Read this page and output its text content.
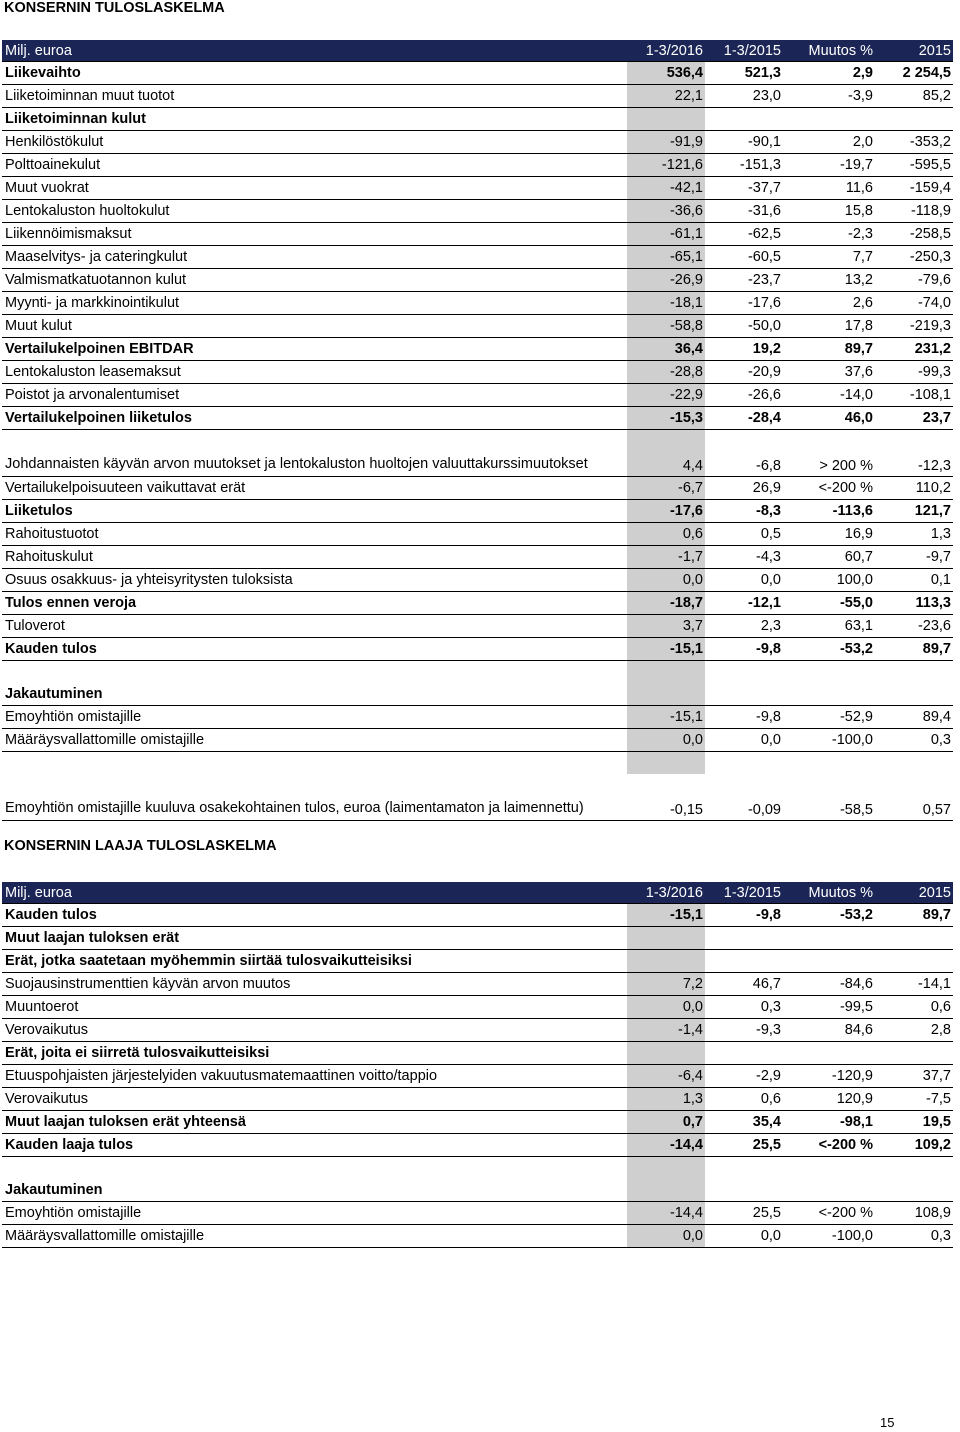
KONSERNIN TULOSLASKELMA
Milj. euroa	1-3/2016	1-3/2015	Muutos %	2015
Liikevaihto	536,4	521,3	2,9	2 254,5
Liiketoiminnan muut tuotot	22,1	23,0	-3,9	85,2
Liiketoiminnan kulut				
Henkilöstökulut	-91,9	-90,1	2,0	-353,2
Polttoainekulut	-121,6	-151,3	-19,7	-595,5
Muut vuokrat	-42,1	-37,7	11,6	-159,4
Lentokaluston huoltokulut	-36,6	-31,6	15,8	-118,9
Liikennöimismaksut	-61,1	-62,5	-2,3	-258,5
Maaselvitys- ja cateringkulut	-65,1	-60,5	7,7	-250,3
Valmismatkatuotannon kulut	-26,9	-23,7	13,2	-79,6
Myynti- ja markkinointikulut	-18,1	-17,6	2,6	-74,0
Muut kulut	-58,8	-50,0	17,8	-219,3
Vertailukelpoinen EBITDAR	36,4	19,2	89,7	231,2
Lentokaluston leasemaksut	-28,8	-20,9	37,6	-99,3
Poistot ja arvonalentumiset	-22,9	-26,6	-14,0	-108,1
Vertailukelpoinen liiketulos	-15,3	-28,4	46,0	23,7
Johdannaisten käyvän arvon muutokset ja lentokaluston huoltojen valuuttakurssimuutokset	4,4	-6,8	> 200 %	-12,3
Vertailukelpoisuuteen vaikuttavat erät	-6,7	26,9	<-200 %	110,2
Liiketulos	-17,6	-8,3	-113,6	121,7
Rahoitustuotot	0,6	0,5	16,9	1,3
Rahoituskulut	-1,7	-4,3	60,7	-9,7
Osuus osakkuus- ja yhteisyritysten tuloksista	0,0	0,0	100,0	0,1
Tulos ennen veroja	-18,7	-12,1	-55,0	113,3
Tuloverot	3,7	2,3	63,1	-23,6
Kauden tulos	-15,1	-9,8	-53,2	89,7

Jakautuminen				
Emoyhtiön omistajille	-15,1	-9,8	-52,9	89,4
Määräysvallattomille omistajille	0,0	0,0	-100,0	0,3

Emoyhtiön omistajille kuuluva osakekohtainen tulos, euroa (laimentamaton ja laimennettu)	-0,15	-0,09	-58,5	0,57
KONSERNIN LAAJA TULOSLASKELMA
Milj. euroa	1-3/2016	1-3/2015	Muutos %	2015
Kauden tulos	-15,1	-9,8	-53,2	89,7
Muut laajan tuloksen erät				
Erät, jotka saatetaan myöhemmin siirtää tulosvaikutteisiksi				
Suojausinstrumenttien käyvän arvon muutos	7,2	46,7	-84,6	-14,1
Muuntoerot	0,0	0,3	-99,5	0,6
Verovaikutus	-1,4	-9,3	84,6	2,8
Erät, joita ei siirretä tulosvaikutteisiksi				
Etuuspohjaisten järjestelyiden vakuutusmatemaattinen voitto/tappio	-6,4	-2,9	-120,9	37,7
Verovaikutus	1,3	0,6	120,9	-7,5
Muut laajan tuloksen erät yhteensä	0,7	35,4	-98,1	19,5
Kauden laaja tulos	-14,4	25,5	<-200 %	109,2

Jakautuminen				
Emoyhtiön omistajille	-14,4	25,5	<-200 %	108,9
Määräysvallattomille omistajille	0,0	0,0	-100,0	0,3
15
